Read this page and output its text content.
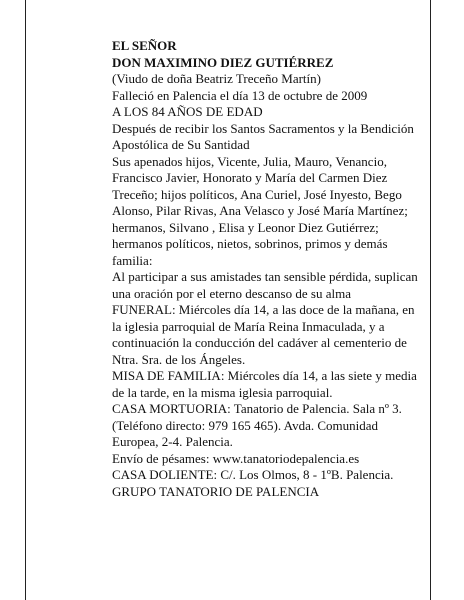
EL SEÑOR

DON MAXIMINO DIEZ GUTIÉRREZ

(Viudo de doña Beatriz Treceño Martín)

Falleció en Palencia el día 13 de octubre de 2009

A LOS 84 AÑOS DE EDAD

Después de recibir los Santos Sacramentos y la Bendición Apostólica de Su Santidad

Sus apenados hijos, Vicente, Julia, Mauro, Venancio, Francisco Javier, Honorato y María del Carmen Diez Treceño; hijos políticos, Ana Curiel, José Inyesto, Bego Alonso, Pilar Rivas, Ana Velasco y José María Martínez; hermanos, Silvano , Elisa y Leonor Diez Gutiérrez; hermanos políticos, nietos, sobrinos, primos y demás familia:

Al participar a sus amistades tan sensible pérdida, suplican una oración por el eterno descanso de su alma

FUNERAL: Miércoles día 14, a las doce de la mañana, en la iglesia parroquial de María Reina Inmaculada, y a continuación la conducción del cadáver al cementerio de Ntra. Sra. de los Ángeles.

MISA DE FAMILIA: Miércoles día 14, a las siete y media de la tarde, en la misma iglesia parroquial.

CASA MORTUORIA: Tanatorio de Palencia. Sala nº 3. (Teléfono directo: 979 165 465). Avda. Comunidad Europea, 2-4. Palencia.

Envío de pésames: www.tanatoriodepalencia.es

CASA DOLIENTE: C/. Los Olmos, 8 - 1ºB. Palencia.

GRUPO TANATORIO DE PALENCIA
